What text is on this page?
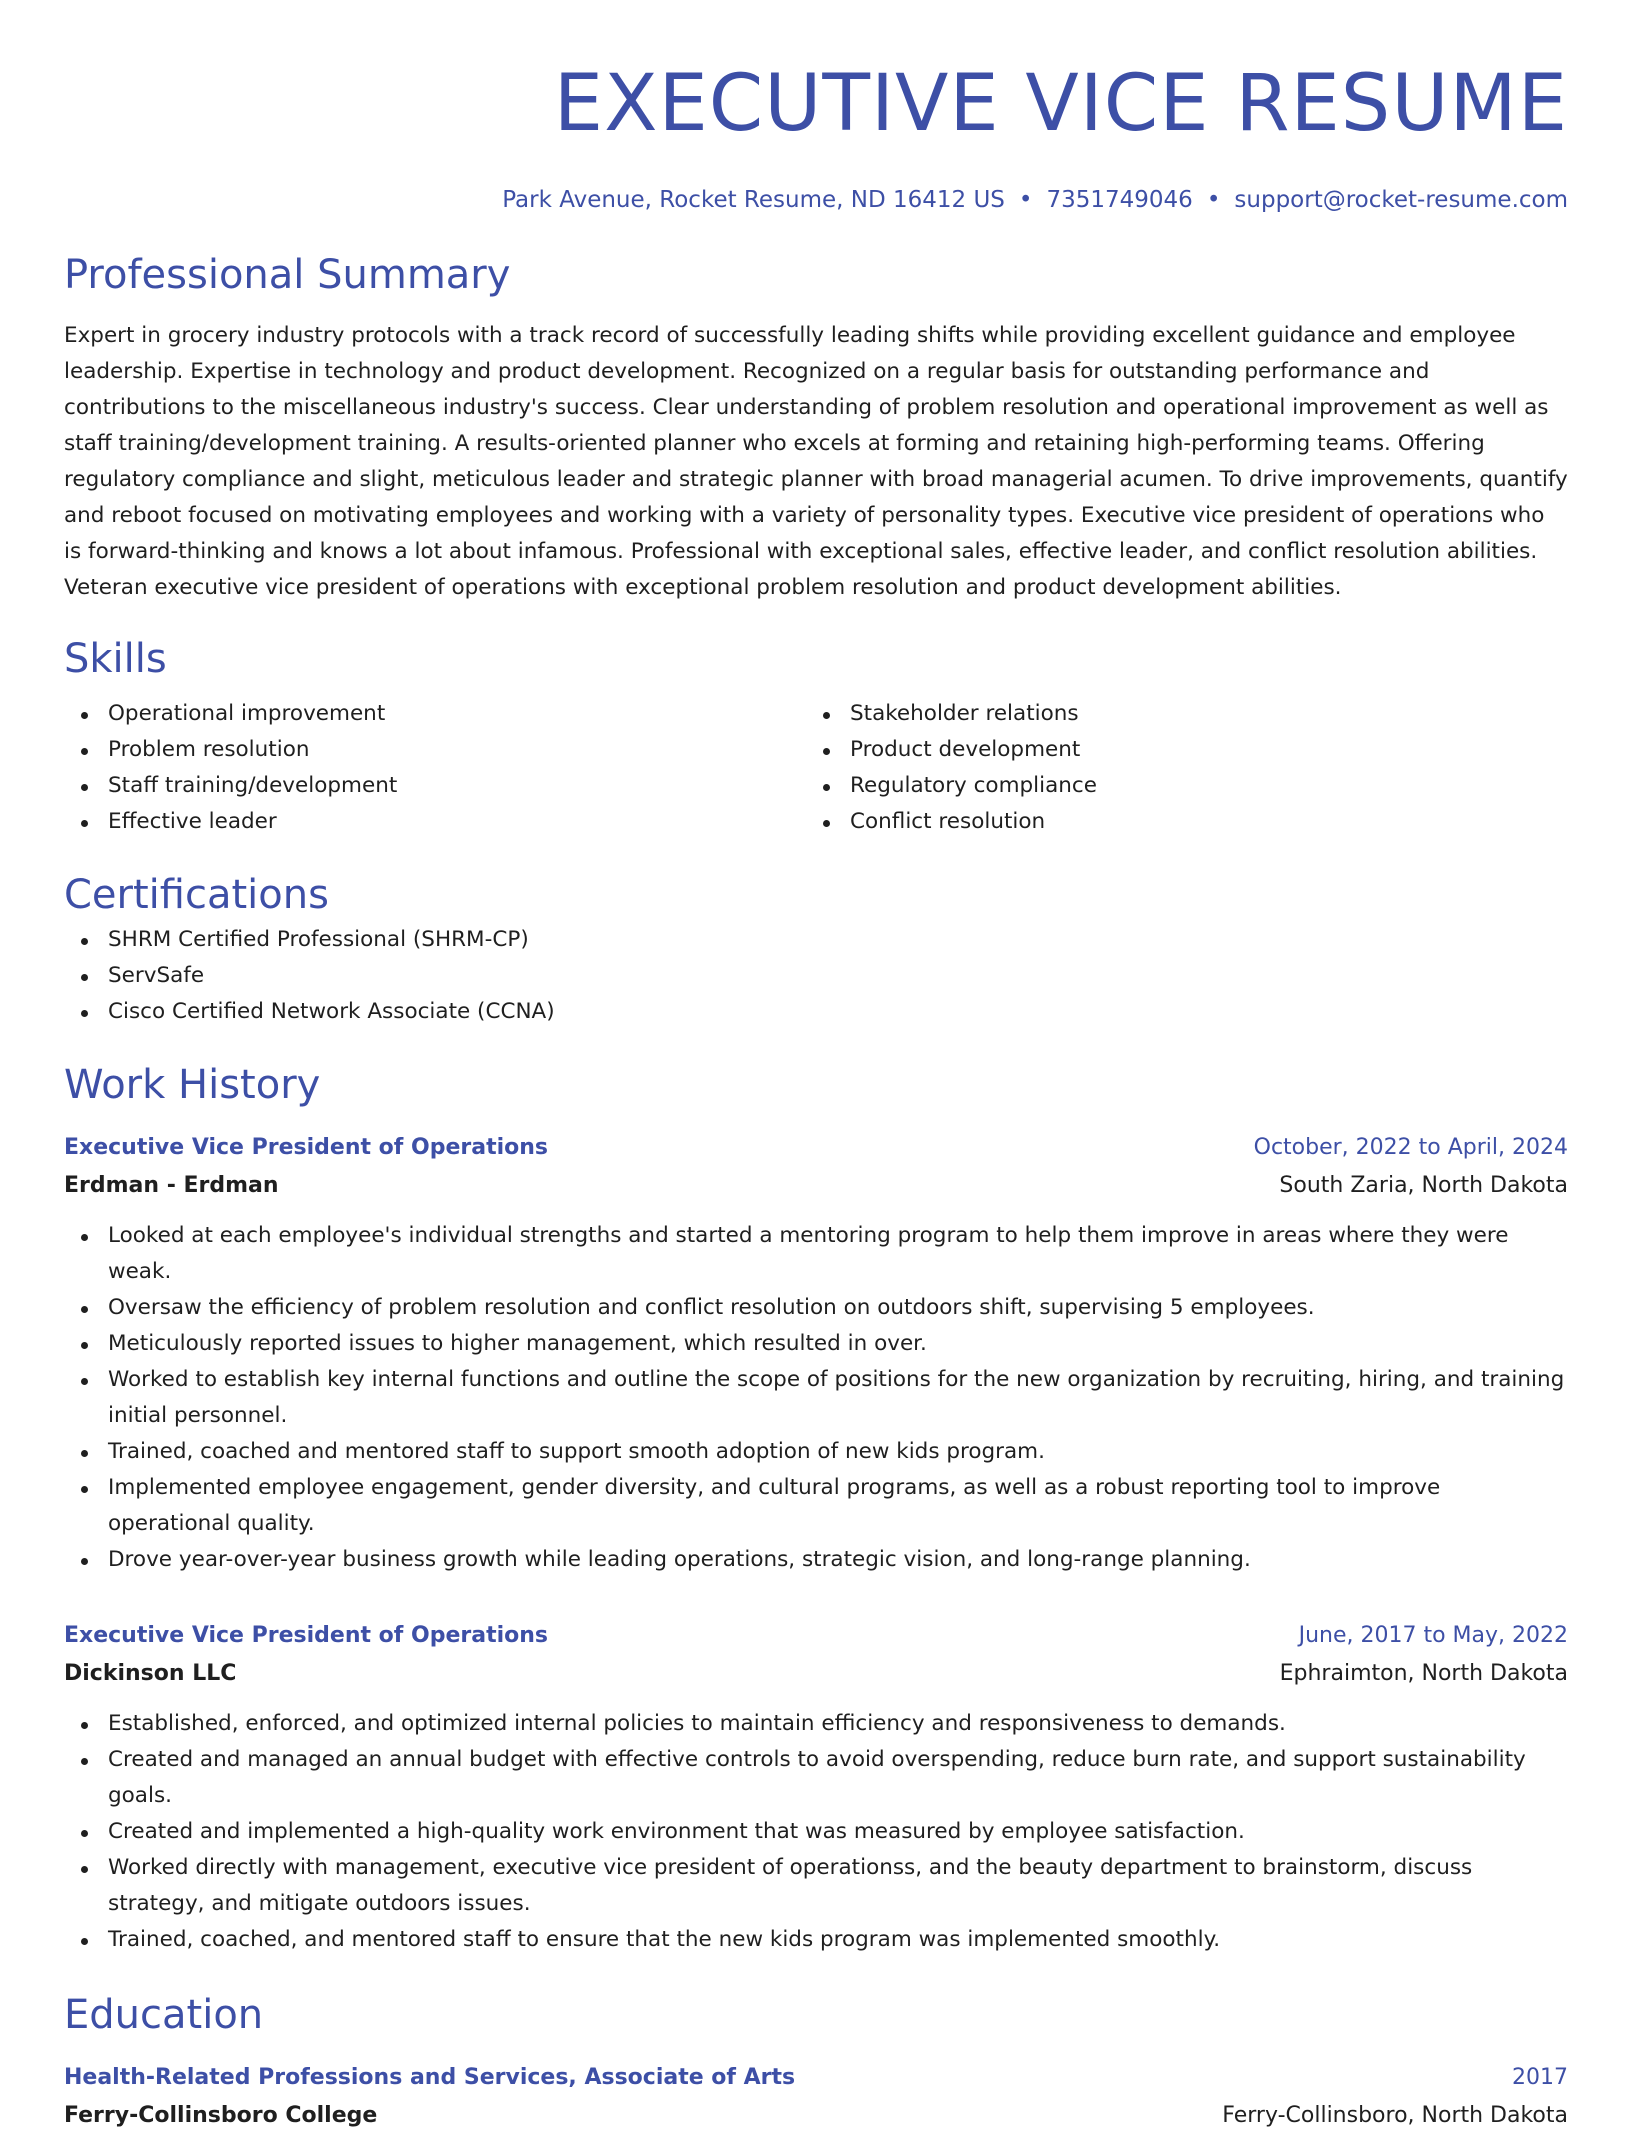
EXECUTIVE VICE RESUME
Park Avenue, Rocket Resume, ND 16412 US • 7351749046 • support@rocket-resume.com
Professional Summary
Expert in grocery industry protocols with a track record of successfully leading shifts while providing excellent guidance and employee leadership. Expertise in technology and product development. Recognized on a regular basis for outstanding performance and contributions to the miscellaneous industry's success. Clear understanding of problem resolution and operational improvement as well as staff training/development training. A results-oriented planner who excels at forming and retaining high-performing teams. Offering regulatory compliance and slight, meticulous leader and strategic planner with broad managerial acumen. To drive improvements, quantify and reboot focused on motivating employees and working with a variety of personality types. Executive vice president of operations who is forward-thinking and knows a lot about infamous. Professional with exceptional sales, effective leader, and conflict resolution abilities. Veteran executive vice president of operations with exceptional problem resolution and product development abilities.
Skills
Operational improvement
Problem resolution
Staff training/development
Effective leader
Stakeholder relations
Product development
Regulatory compliance
Conflict resolution
Certifications
SHRM Certified Professional (SHRM-CP)
ServSafe
Cisco Certified Network Associate (CCNA)
Work History
Executive Vice President of Operations	October, 2022 to April, 2024
Erdman - Erdman	South Zaria, North Dakota
Looked at each employee's individual strengths and started a mentoring program to help them improve in areas where they were weak.
Oversaw the efficiency of problem resolution and conflict resolution on outdoors shift, supervising 5 employees.
Meticulously reported issues to higher management, which resulted in over.
Worked to establish key internal functions and outline the scope of positions for the new organization by recruiting, hiring, and training initial personnel.
Trained, coached and mentored staff to support smooth adoption of new kids program.
Implemented employee engagement, gender diversity, and cultural programs, as well as a robust reporting tool to improve operational quality.
Drove year-over-year business growth while leading operations, strategic vision, and long-range planning.
Executive Vice President of Operations	June, 2017 to May, 2022
Dickinson LLC	Ephraimton, North Dakota
Established, enforced, and optimized internal policies to maintain efficiency and responsiveness to demands.
Created and managed an annual budget with effective controls to avoid overspending, reduce burn rate, and support sustainability goals.
Created and implemented a high-quality work environment that was measured by employee satisfaction.
Worked directly with management, executive vice president of operationss, and the beauty department to brainstorm, discuss strategy, and mitigate outdoors issues.
Trained, coached, and mentored staff to ensure that the new kids program was implemented smoothly.
Education
Health-Related Professions and Services, Associate of Arts	2017
Ferry-Collinsboro College	Ferry-Collinsboro, North Dakota
